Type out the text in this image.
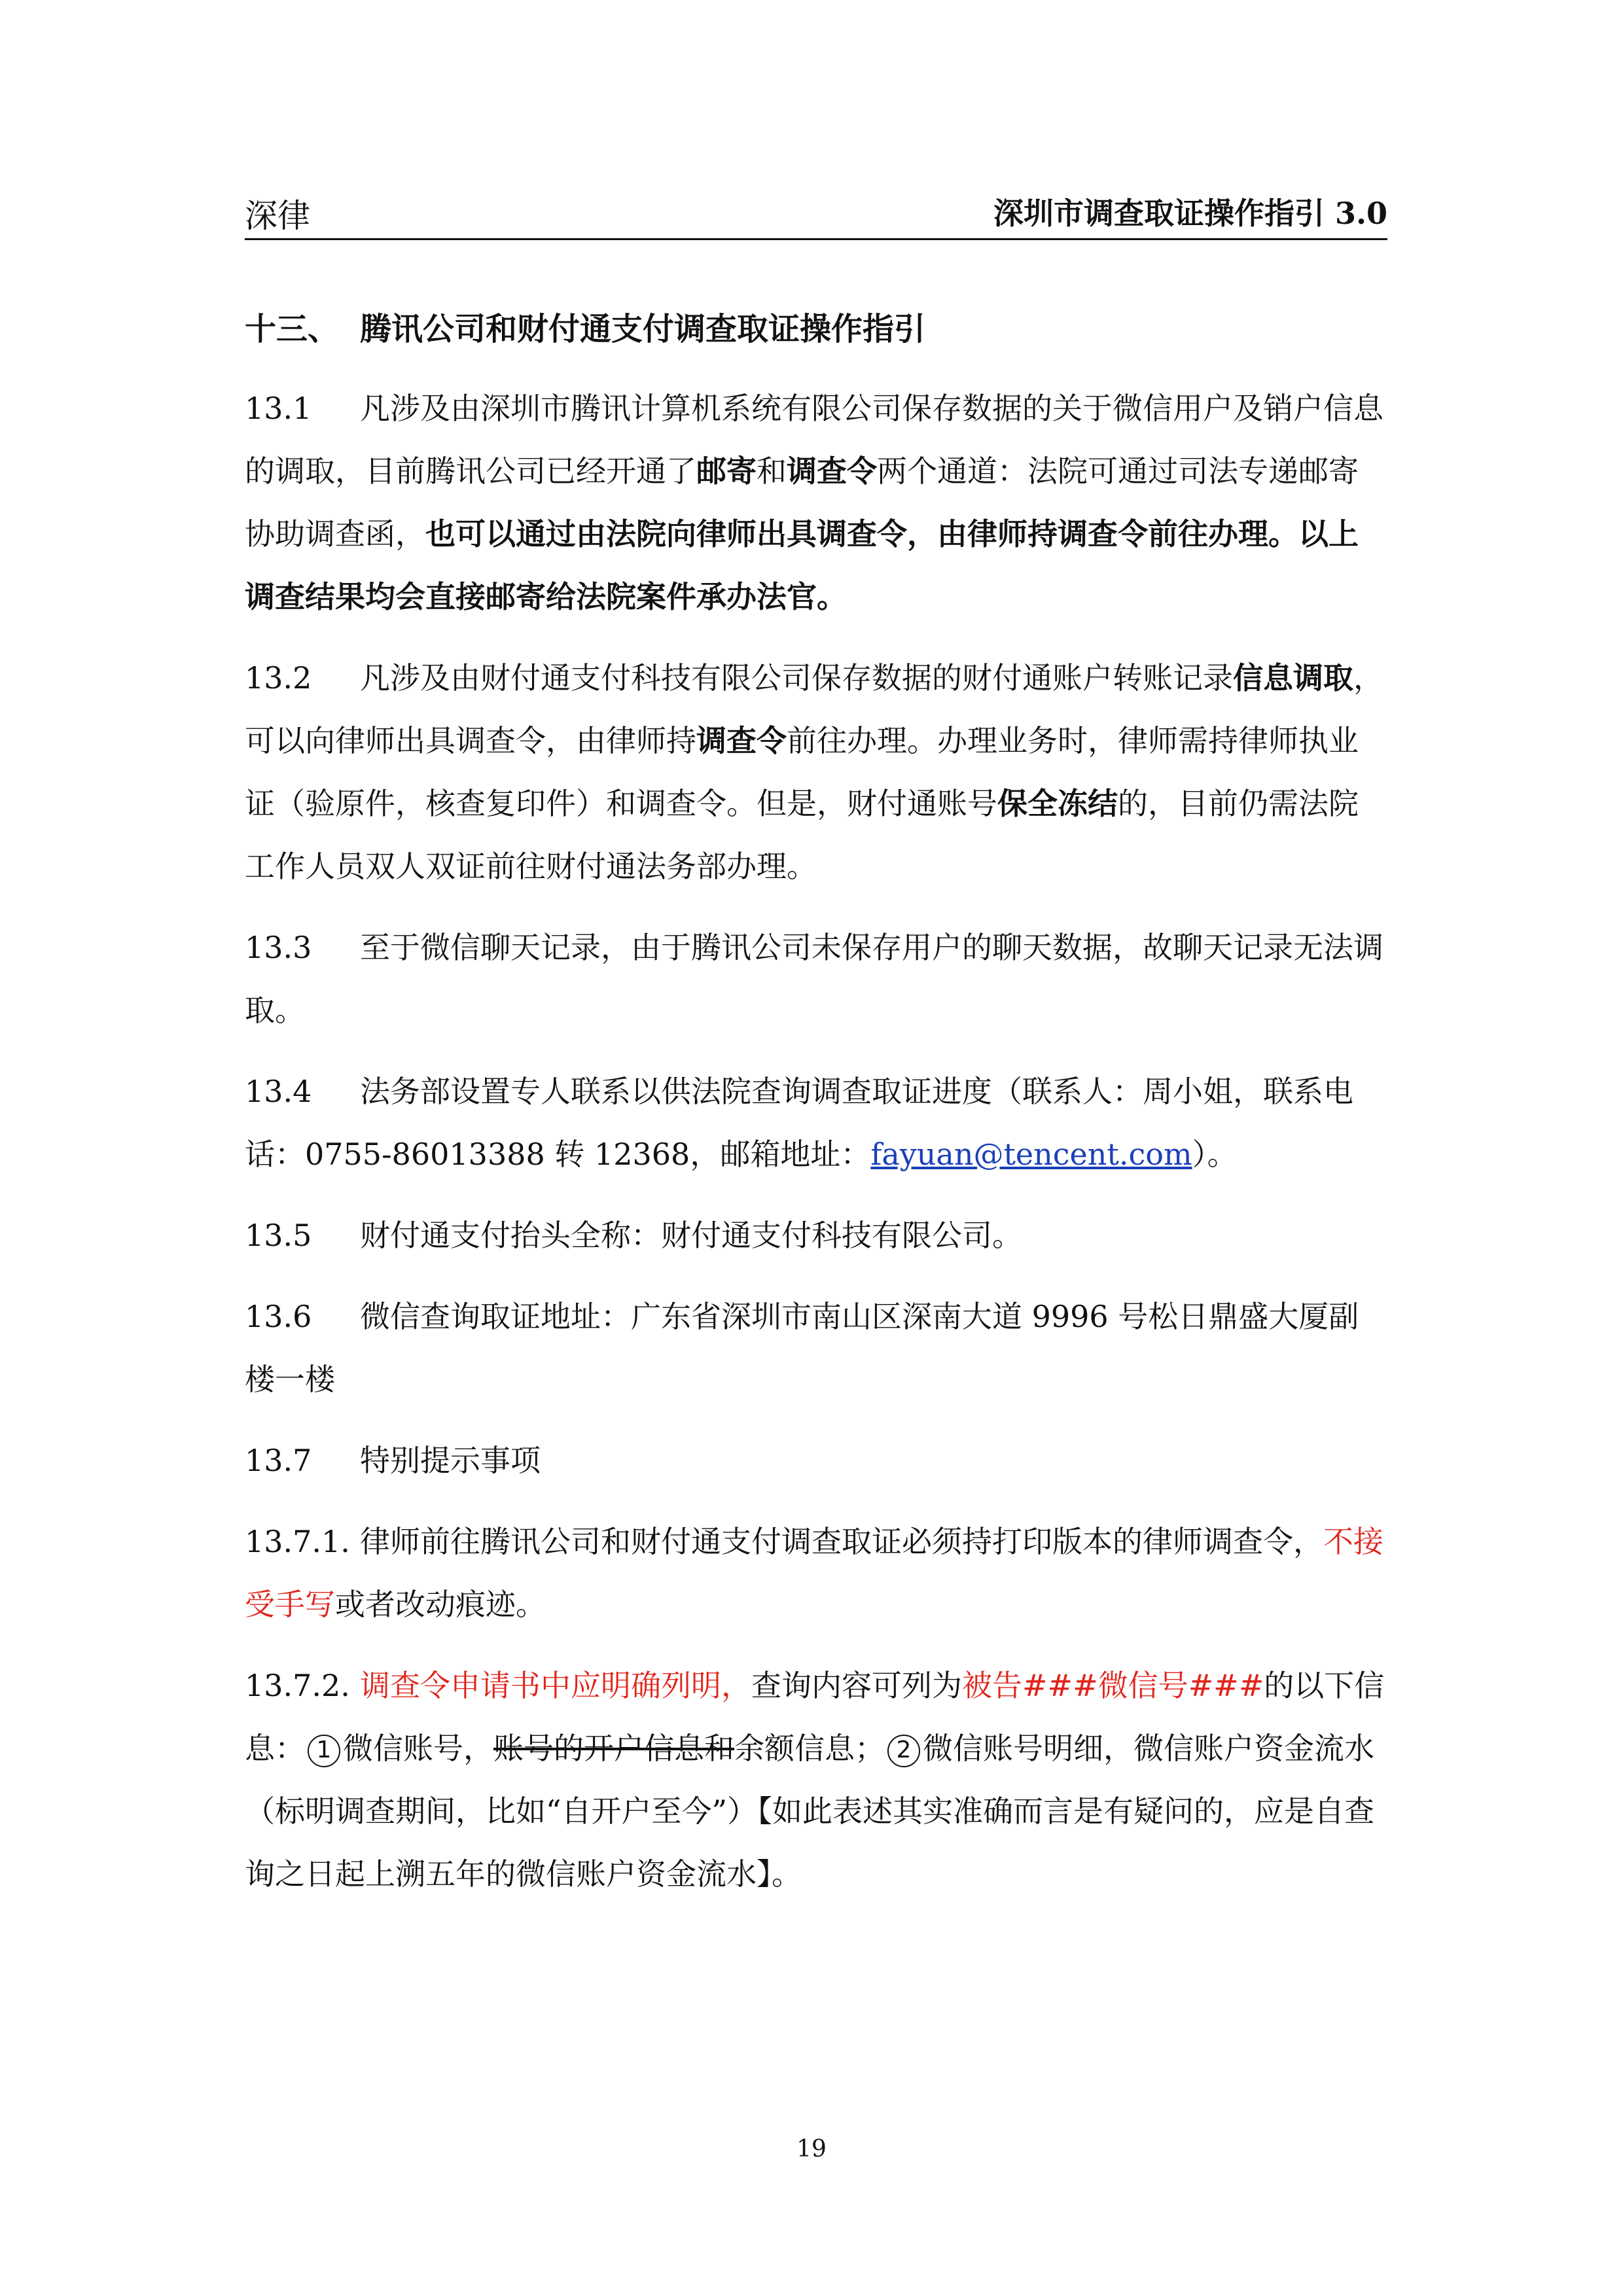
深律	深圳市调查取证操作指引 3.0
十三、 腾讯公司和财付通支付调查取证操作指引
13.1 凡涉及由深圳市腾讯计算机系统有限公司保存数据的关于微信用户及销户信息的调取，目前腾讯公司已经开通了邮寄和调查令两个通道：法院可通过司法专递邮寄协助调查函，也可以通过由法院向律师出具调查令，由律师持调查令前往办理。以上调查结果均会直接邮寄给法院案件承办法官。
13.2 凡涉及由财付通支付科技有限公司保存数据的财付通账户转账记录信息调取，可以向律师出具调查令，由律师持调查令前往办理。办理业务时，律师需持律师执业证（验原件，核查复印件）和调查令。但是，财付通账号保全冻结的，目前仍需法院工作人员双人双证前往财付通法务部办理。
13.3 至于微信聊天记录，由于腾讯公司未保存用户的聊天数据，故聊天记录无法调取。
13.4 法务部设置专人联系以供法院查询调查取证进度（联系人：周小姐，联系电话：0755-86013388 转 12368，邮箱地址：fayuan@tencent.com）。
13.5 财付通支付抬头全称：财付通支付科技有限公司。
13.6 微信查询取证地址：广东省深圳市南山区深南大道 9996 号松日鼎盛大厦副楼一楼
13.7 特别提示事项
13.7.1. 律师前往腾讯公司和财付通支付调查取证必须持打印版本的律师调查令，不接受手写或者改动痕迹。
13.7.2. 调查令申请书中应明确列明，查询内容可列为被告###微信号###的以下信息： 1 微信账号，账号的开户信息和余额信息； 2 微信账号明细，微信账户资金流水（标明调查期间，比如“自开户至今”）【如此表述其实准确而言是有疑问的，应是自查询之日起上溯五年的微信账户资金流水】。
19
